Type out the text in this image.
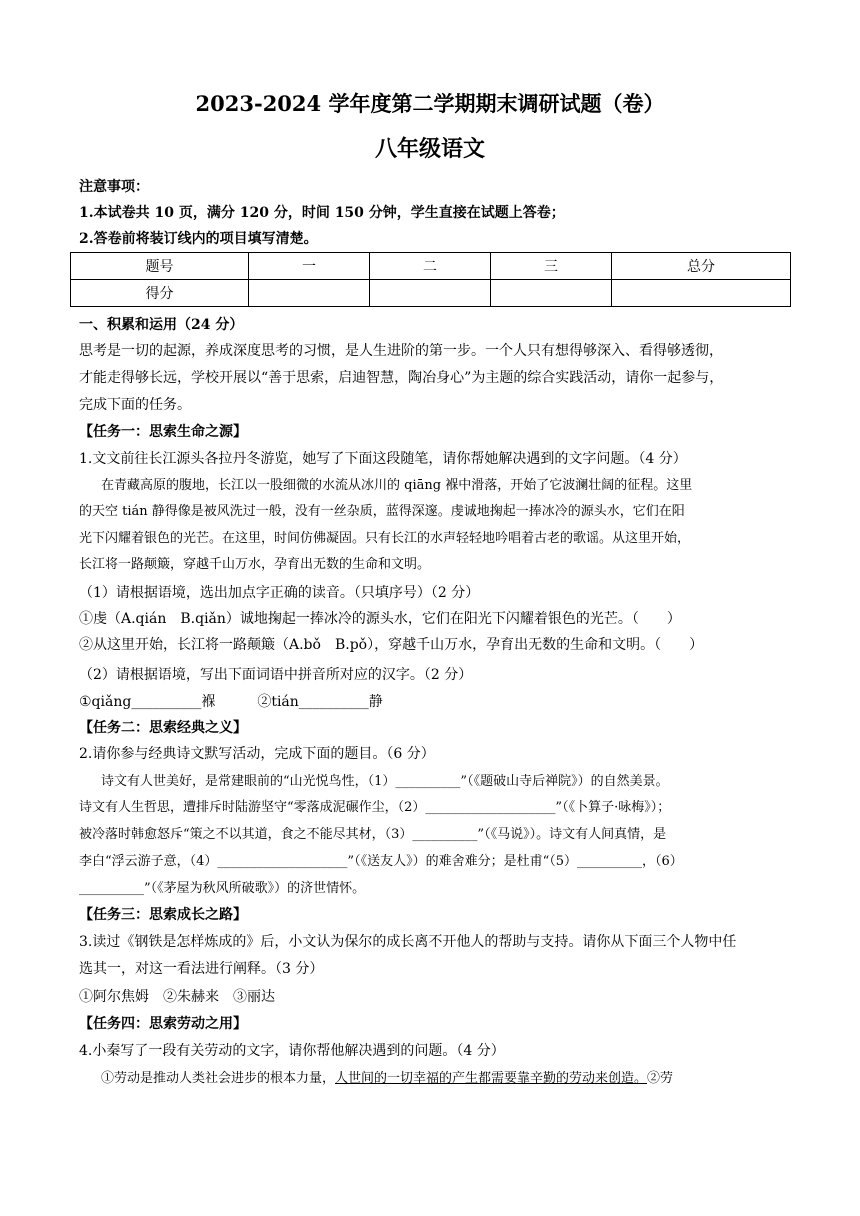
2023-2024 学年度第二学期期末调研试题（卷）
八年级语文
注意事项：
1.本试卷共 10 页，满分 120 分，时间 150 分钟，学生直接在试题上答卷；
2.答卷前将装订线内的项目填写清楚。
题号	一	二	三	总分
得分				
一、积累和运用（24 分）
思考是一切的起源，养成深度思考的习惯，是人生进阶的第一步。一个人只有想得够深入、看得够透彻，
才能走得够长远，学校开展以“善于思索，启迪智慧，陶冶身心”为主题的综合实践活动，请你一起参与，
完成下面的任务。
【任务一：思索生命之源】
1.文文前往长江源头各拉丹冬游览，她写了下面这段随笔，请你帮她解决遇到的文字问题。（4 分）
在青藏高原的腹地，长江以一股细微的水流从冰川的 qiāng 褓中滑落，开始了它波澜壮阔的征程。这里
的天空 tián 静得像是被风洗过一般，没有一丝杂质，蓝得深邃。虔诚地掬起一捧冰冷的源头水，它们在阳
光下闪耀着银色的光芒。在这里，时间仿佛凝固。只有长江的水声轻轻地吟唱着古老的歌谣。从这里开始，
长江将一路颠簸，穿越千山万水，孕育出无数的生命和文明。
（1）请根据语境，选出加点字正确的读音。（只填序号）（2 分）
①虔（A.qián　B.qiǎn）诚地掬起一捧冰冷的源头水，它们在阳光下闪耀着银色的光芒。（　　）
②从这里开始，长江将一路颠簸（A.bǒ　B.pǒ），穿越千山万水，孕育出无数的生命和文明。（　　）
（2）请根据语境，写出下面词语中拼音所对应的汉字。（2 分）
①qiǎng__________褓　　　②tián__________静
【任务二：思索经典之义】
2.请你参与经典诗文默写活动，完成下面的题目。（6 分）
诗文有人世美好，是常建眼前的“山光悦鸟性，（1）__________”（《题破山寺后禅院》）的自然美景。
诗文有人生哲思，遭排斥时陆游坚守“零落成泥碾作尘，（2）____________________”（《卜算子·咏梅》）；
被冷落时韩愈怒斥“策之不以其道，食之不能尽其材，（3）__________”（《马说》）。诗文有人间真情，是
李白“浮云游子意，（4）____________________”（《送友人》）的难舍难分；是杜甫“（5）__________，（6）
__________”（《茅屋为秋风所破歌》）的济世情怀。
【任务三：思索成长之路】
3.读过《钢铁是怎样炼成的》后，小文认为保尔的成长离不开他人的帮助与支持。请你从下面三个人物中任
选其一，对这一看法进行阐释。（3 分）
①阿尔焦姆　②朱赫来　③丽达
【任务四：思索劳动之用】
4.小秦写了一段有关劳动的文字，请你帮他解决遇到的问题。（4 分）
①劳动是推动人类社会进步的根本力量，人世间的一切幸福的产生都需要靠辛勤的劳动来创造。②劳
